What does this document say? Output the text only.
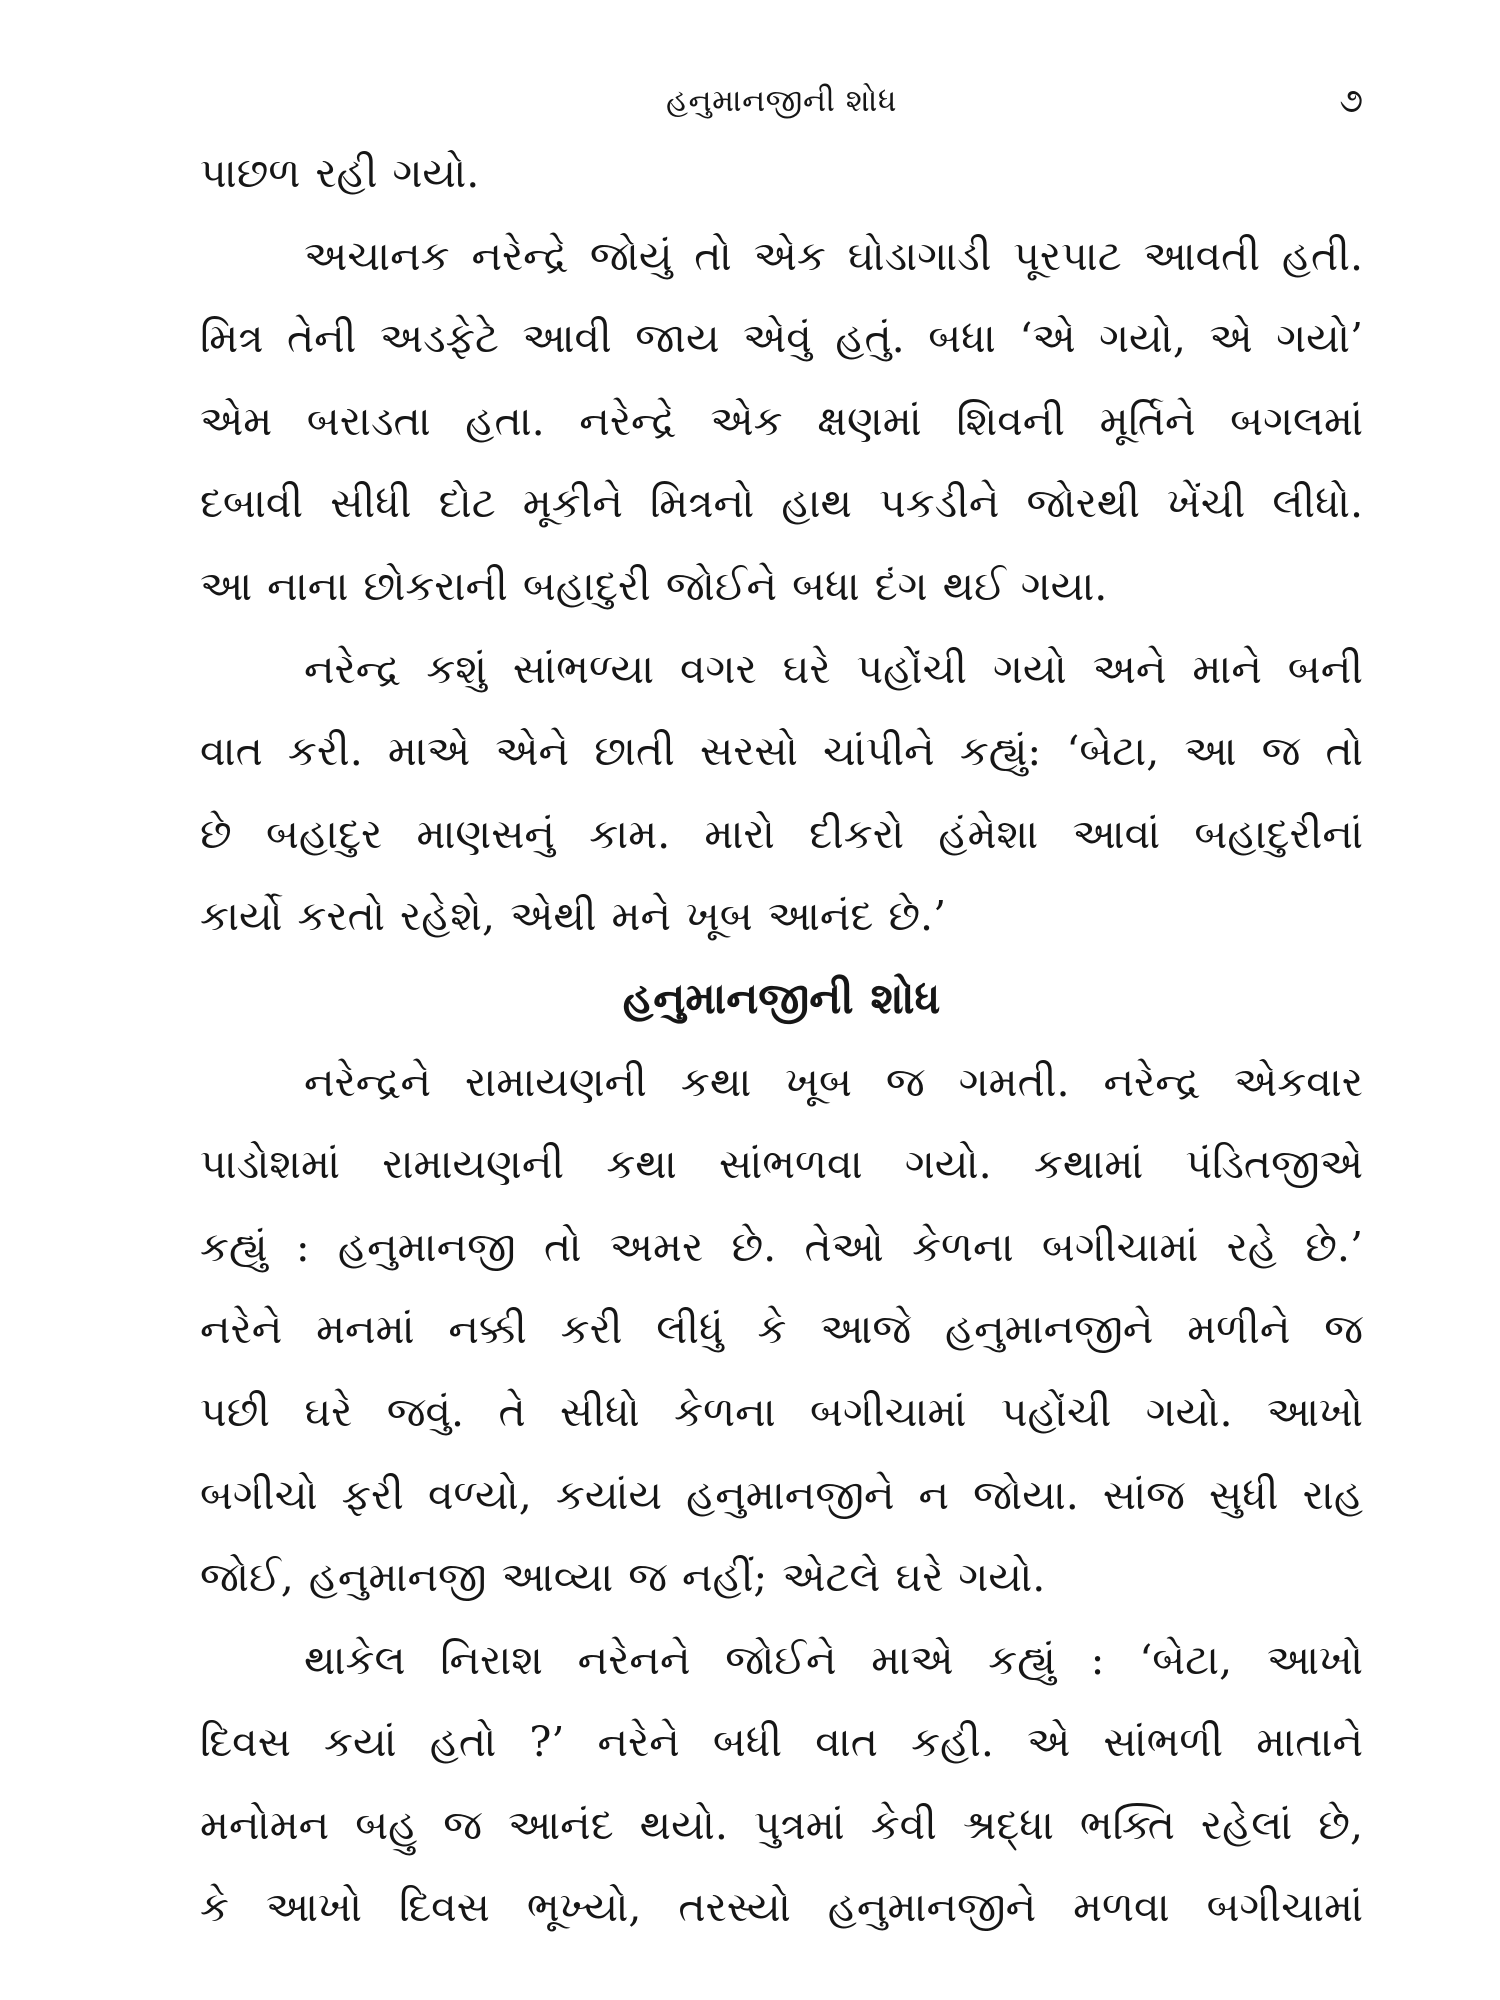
હનુમાનજીની શોધ	૭
પાછળ રહી ગયો.
અચાનક નરેન્દ્રે જોયું તો એક ઘોડાગાડી પૂરપાટ આવતી હતી.
મિત્ર તેની અડફેટે આવી જાય એવું હતું. બધા ‘એ ગયો, એ ગયો’
એમ બરાડતા હતા. નરેન્દ્રે એક ક્ષણમાં શિવની મૂર્તિને બગલમાં
દબાવી સીધી દોટ મૂકીને મિત્રનો હાથ પકડીને જોરથી ખેંચી લીધો.
આ નાના છોકરાની બહાદુરી જોઈને બધા દંગ થઈ ગયા.
નરેન્દ્ર કશું સાંભળ્યા વગર ઘરે પહોંચી ગયો અને માને બની
વાત કરી. માએ એને છાતી સરસો ચાંપીને કહ્યું: ‘બેટા, આ જ તો
છે બહાદુર માણસનું કામ. મારો દીકરો હંમેશા આવાં બહાદુરીનાં
કાર્યો કરતો રહેશે, એથી મને ખૂબ આનંદ છે.’
હનુમાનજીની શોધ
નરેન્દ્રને રામાયણની કથા ખૂબ જ ગમતી. નરેન્દ્ર એકવાર
પાડોશમાં રામાયણની કથા સાંભળવા ગયો. કથામાં પંડિતજીએ
કહ્યું : હનુમાનજી તો અમર છે. તેઓ કેળના બગીચામાં રહે છે.’
નરેને મનમાં નક્કી કરી લીધું કે આજે હનુમાનજીને મળીને જ
પછી ઘરે જવું. તે સીધો કેળના બગીચામાં પહોંચી ગયો. આખો
બગીચો ફરી વળ્યો, કયાંય હનુમાનજીને ન જોયા. સાંજ સુધી રાહ
જોઈ, હનુમાનજી આવ્યા જ નહીં; એટલે ઘરે ગયો.
થાકેલ નિરાશ નરેનને જોઈને માએ કહ્યું : ‘બેટા, આખો
દિવસ કયાં હતો ?’ નરેને બધી વાત કહી. એ સાંભળી માતાને
મનોમન બહુ જ આનંદ થયો. પુત્રમાં કેવી શ્રદ્ધા ભક્તિ રહેલાં છે,
કે આખો દિવસ ભૂખ્યો, તરસ્યો હનુમાનજીને મળવા બગીચામાં
